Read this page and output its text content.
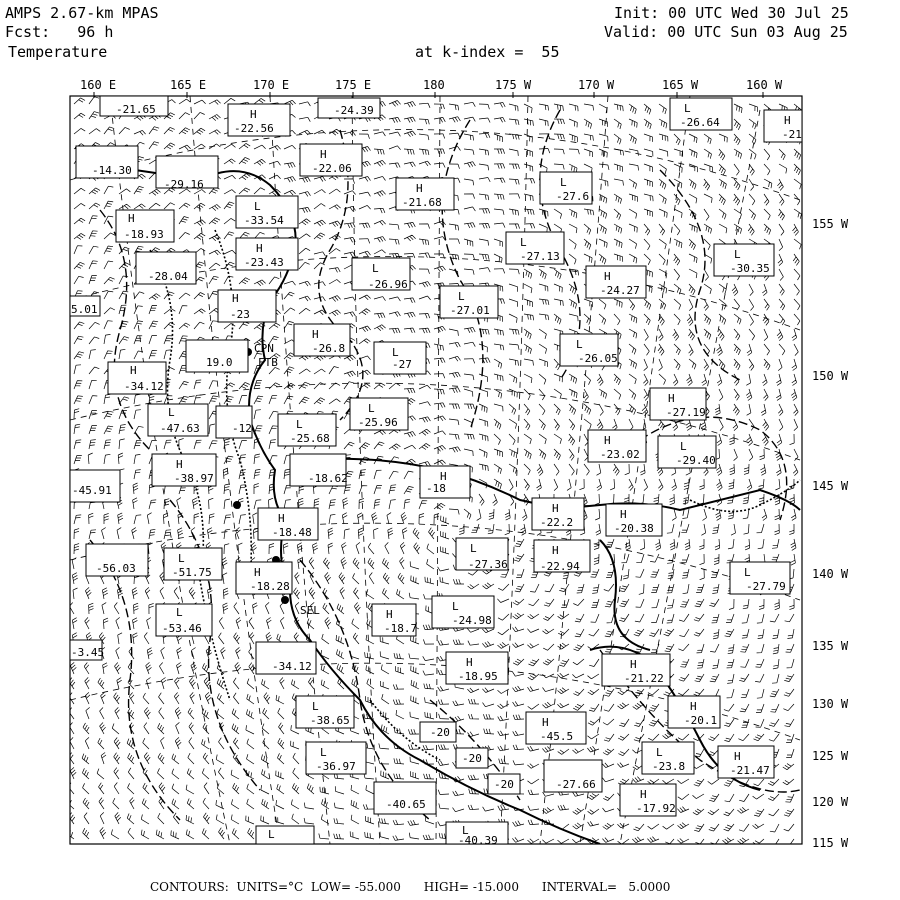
AMPS 2.67-km MPAS
Fcst:   96 h
Temperature
Init: 00 UTC Wed 30 Jul 25
Valid: 00 UTC Sun 03 Aug 25
at k-index =  55
160 E	165 E	170 E	175 E	180	175 W	170 W	165 W	160 W
155 W
150 W
145 W
140 W
135 W
130 W
125 W
120 W
115 W
CPN
FTB
SEL
-21.65	H
-22.56
-24.39	L
-26.64	H
-21
-14.30
-29.16
H
-22.06
H
-21.68
L
-27.6
H
-18.93
L
-33.54
H
-23.43
L
-27.13	L
-30.35
-28.04
L
-26.96
H
-24.27
L
-27.01
5.01
H
-23
H
-26.8	L
-26.05
19.0
L
-27
H
-34.12
H
-27.19
L
-47.63	-12
L
-25.96
L
-25.68	H
-23.02
L
-29.40
H
-38.97	-18.62	H
-18
-45.91
H
-22.2
H
-20.38
H
-18.48
-56.03
L
-51.75
L
-27.36
H
-22.94
H
-18.28
L
-27.79
L
-53.46
H
-18.7
L
-24.98
-3.45
-34.12	H
-18.95
H
-21.22
L
-38.65
H
-20.1
H
-45.5
-20
L
-36.97
-20	L
-23.8
H
-21.47
-20	-27.66
-40.65
H
-17.92
L	L
-40.39
CONTOURS:  UNITS=°C  LOW= -55.000      HIGH= -15.000      INTERVAL=   5.0000
